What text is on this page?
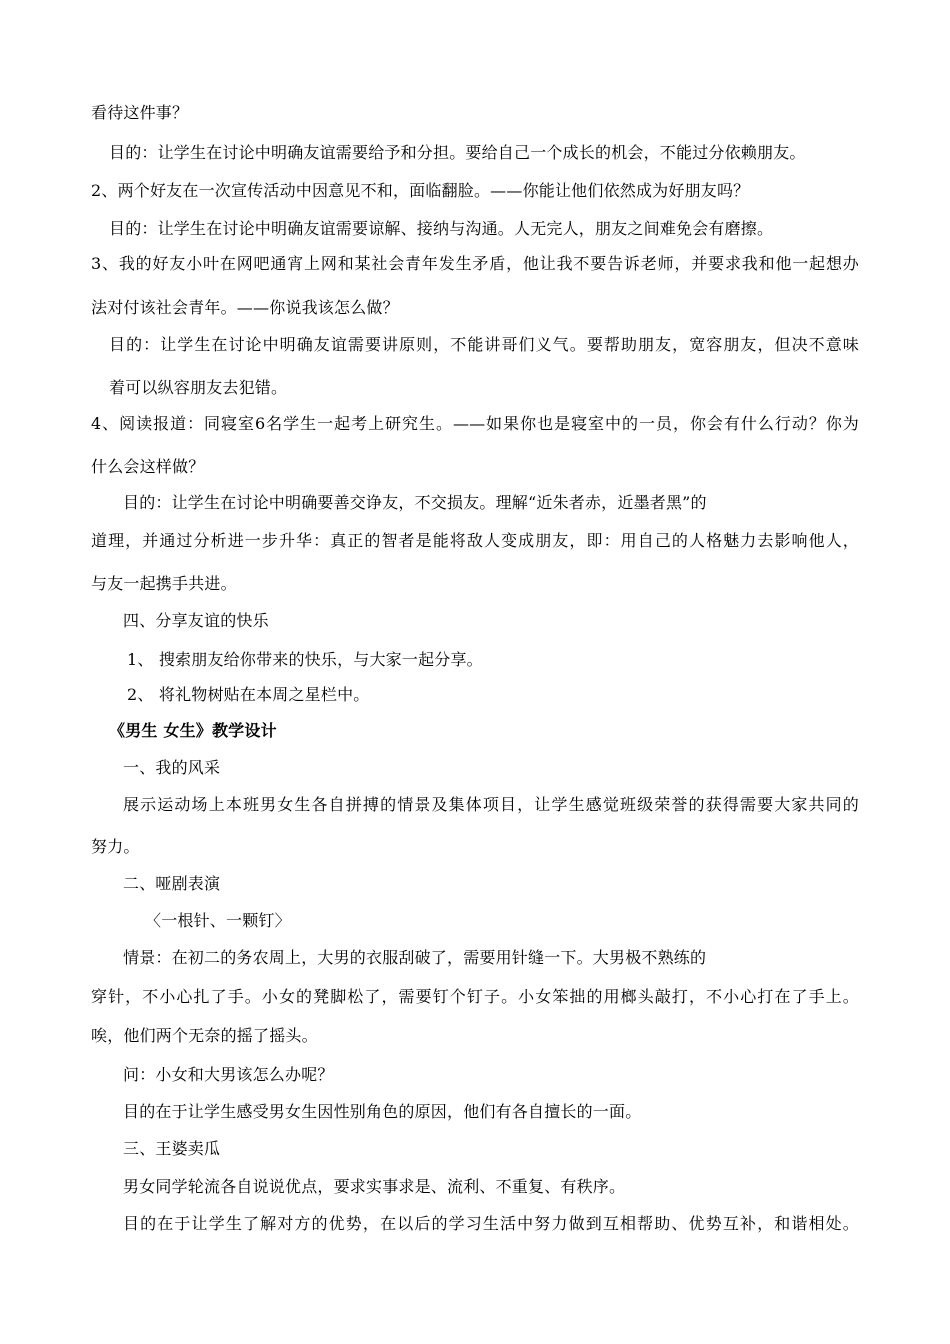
看待这件事？
目的：让学生在讨论中明确友谊需要给予和分担。要给自己一个成长的机会，不能过分依赖朋友。
2、两个好友在一次宣传活动中因意见不和，面临翻脸。——你能让他们依然成为好朋友吗？
目的：让学生在讨论中明确友谊需要谅解、接纳与沟通。人无完人，朋友之间难免会有磨擦。
3、我的好友小叶在网吧通宵上网和某社会青年发生矛盾，他让我不要告诉老师，并要求我和他一起想办
法对付该社会青年。——你说我该怎么做？
目的：让学生在讨论中明确友谊需要讲原则，不能讲哥们义气。要帮助朋友，宽容朋友，但决不意味
着可以纵容朋友去犯错。
4、阅读报道：同寝室6名学生一起考上研究生。——如果你也是寝室中的一员，你会有什么行动？你为
什么会这样做？
目的：让学生在讨论中明确要善交诤友，不交损友。理解“近朱者赤，近墨者黑”的
道理，并通过分析进一步升华：真正的智者是能将敌人变成朋友，即：用自己的人格魅力去影响他人，
与友一起携手共进。
四、分享友谊的快乐
1、 搜索朋友给你带来的快乐，与大家一起分享。
2、 将礼物树贴在本周之星栏中。
《男生 女生》教学设计
一、我的风采
展示运动场上本班男女生各自拼搏的情景及集体项目，让学生感觉班级荣誉的获得需要大家共同的
努力。
二、哑剧表演
〈一根针、一颗钉〉
情景：在初二的务农周上，大男的衣服刮破了，需要用针缝一下。大男极不熟练的
穿针，不小心扎了手。小女的凳脚松了，需要钉个钉子。小女笨拙的用榔头敲打，不小心打在了手上。
唉，他们两个无奈的摇了摇头。
问：小女和大男该怎么办呢？
目的在于让学生感受男女生因性别角色的原因，他们有各自擅长的一面。
三、王婆卖瓜
男女同学轮流各自说说优点，要求实事求是、流利、不重复、有秩序。
目的在于让学生了解对方的优势，在以后的学习生活中努力做到互相帮助、优势互补，和谐相处。
